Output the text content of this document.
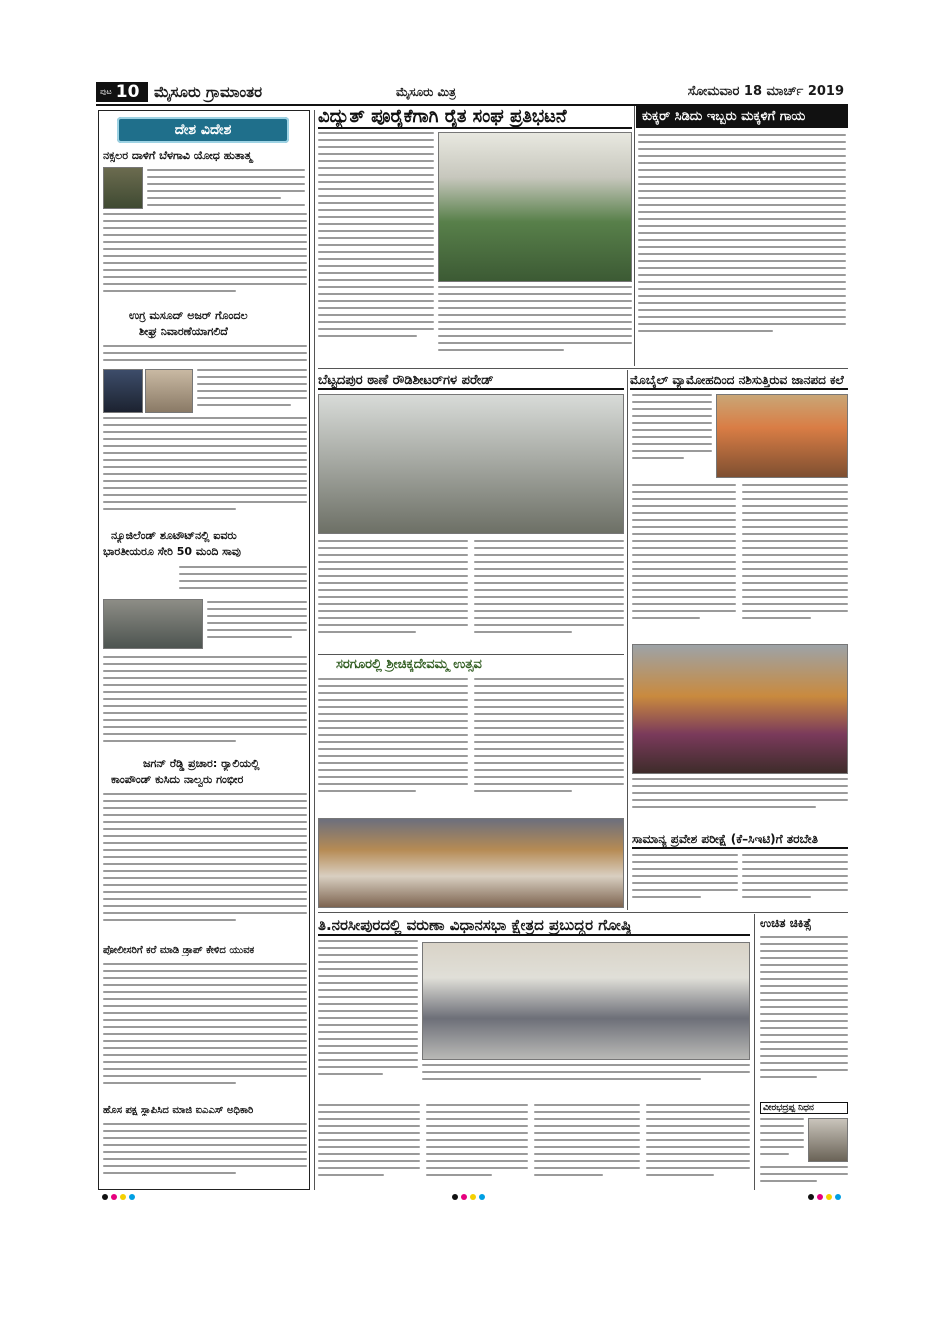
ಪುಟ 10 ಮೈಸೂರು ಗ್ರಾಮಾಂತರ	ಮೈಸೂರು ಮಿತ್ರ	ಸೋಮವಾರ 18 ಮಾರ್ಚ್ 2019
ದೇಶ ವಿದೇಶ
ನಕ್ಸಲರ ದಾಳಿಗೆ ಬೆಳಗಾವಿ ಯೋಧ ಹುತಾತ್ಮ
ಉಗ್ರ ಮಸೂದ್ ಅಜರ್ ಗೊಂದಲ
ಶೀಘ್ರ ನಿವಾರಣೆಯಾಗಲಿದೆ
ನ್ಯೂಜಿಲೆಂಡ್ ಶೂಟೌಟ್‌ನಲ್ಲಿ ಐವರು
ಭಾರತೀಯರೂ ಸೇರಿ 50 ಮಂದಿ ಸಾವು
ಜಗನ್ ರೆಡ್ಡಿ ಪ್ರಚಾರ: ರ‍್ಯಾಲಿಯಲ್ಲಿ
ಕಾಂಪೌಂಡ್ ಕುಸಿದು ನಾಲ್ವರು ಗಂಭೀರ
ಪೋಲೀಸರಿಗೆ ಕರೆ ಮಾಡಿ ಡ್ರಾಪ್ ಕೇಳಿದ ಯುವಕ
ಹೊಸ ಪಕ್ಷ ಸ್ಥಾಪಿಸಿದ ಮಾಜಿ ಐಎಎಸ್ ಅಧಿಕಾರಿ
ವಿದ್ಯುತ್ ಪೂರೈಕೆಗಾಗಿ ರೈತ ಸಂಘ ಪ್ರತಿಭಟನೆ	ಕುಕ್ಕರ್ ಸಿಡಿದು ಇಬ್ಬರು ಮಕ್ಕಳಿಗೆ ಗಾಯ
ಬೆಟ್ಟದಪುರ ಠಾಣೆ ರೌಡಿಶೀಟರ್‌ಗಳ ಪರೇಡ್	ಮೊಬೈಲ್ ವ್ಯಾಮೋಹದಿಂದ ನಶಿಸುತ್ತಿರುವ ಜಾನಪದ ಕಲೆ
ಸರಗೂರಲ್ಲಿ ಶ್ರೀಚಿಕ್ಕದೇವಮ್ಮ ಉತ್ಸವ
ಸಾಮಾನ್ಯ ಪ್ರವೇಶ ಪರೀಕ್ಷೆ (ಕೆ–ಸಿಇಟಿ)ಗೆ ತರಬೇತಿ
ತಿ.ನರಸೀಪುರದಲ್ಲಿ ವರುಣಾ ವಿಧಾನಸಭಾ ಕ್ಷೇತ್ರದ ಪ್ರಬುದ್ಧರ ಗೋಷ್ಠಿ	ಉಚಿತ ಚಿಕಿತ್ಸೆ
ವೀರಭದ್ರಪ್ಪ ನಿಧನ
